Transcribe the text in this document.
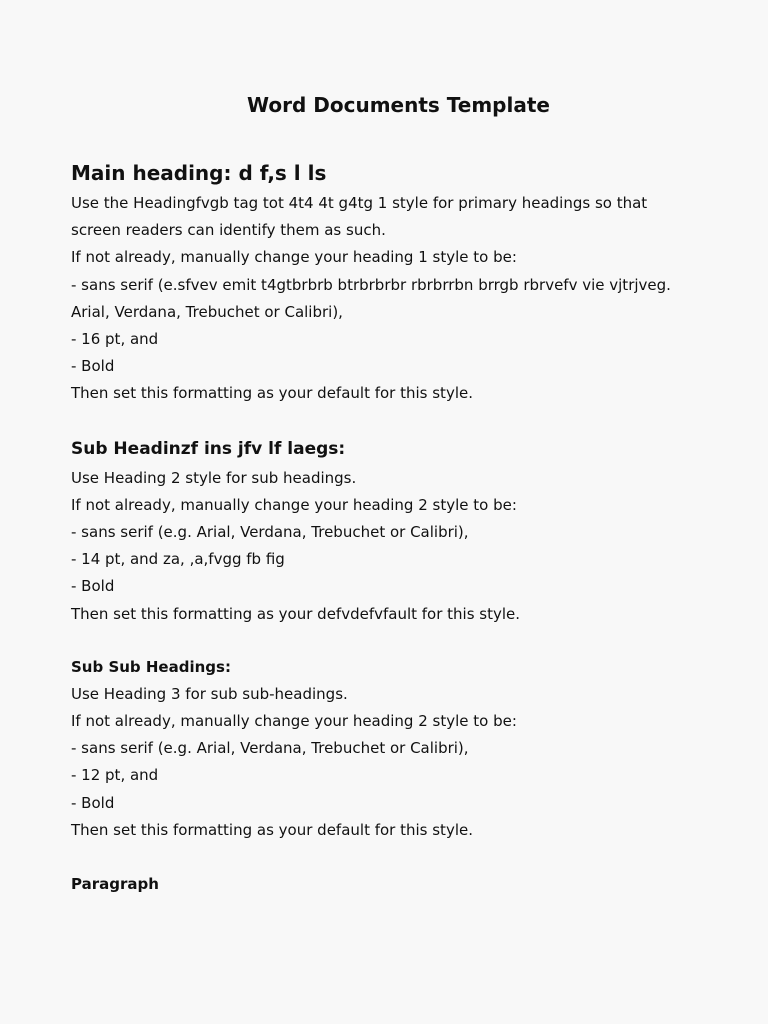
Word Documents Template
Main heading: d f,s l ls

Use the Headingfvgb tag tot 4t4 4t g4tg 1 style for primary headings so that

screen readers can identify them as such.

If not already, manually change your heading 1 style to be:

- sans serif (e.sfvev emit t4gtbrbrb btrbrbrbr rbrbrrbn brrgb rbrvefv vie vjtrjveg.

Arial, Verdana, Trebuchet or Calibri),

- 16 pt, and

- Bold

Then set this formatting as your default for this style.

Sub Headinzf ins jfv lf laegs:

Use Heading 2 style for sub headings.

If not already, manually change your heading 2 style to be:

- sans serif (e.g. Arial, Verdana, Trebuchet or Calibri),

- 14 pt, and za, ,a,fvgg fb fig

- Bold

Then set this formatting as your defvdefvfault for this style.

Sub Sub Headings:

Use Heading 3 for sub sub-headings.

If not already, manually change your heading 2 style to be:

- sans serif (e.g. Arial, Verdana, Trebuchet or Calibri),

- 12 pt, and

- Bold

Then set this formatting as your default for this style.

Paragraph
